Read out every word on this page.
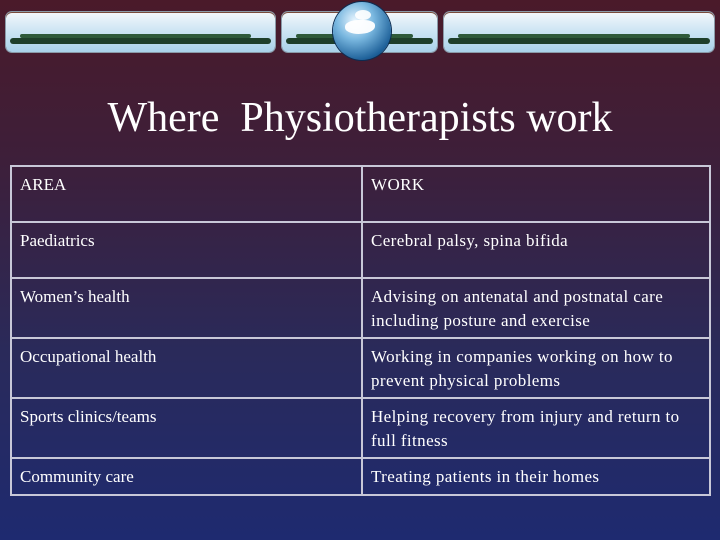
Where  Physiotherapists work
AREA	WORK
Paediatrics	Cerebral palsy, spina bifida
Women’s health	Advising on antenatal and postnatal care including posture and exercise
Occupational health	Working in companies working on how to prevent physical problems
Sports clinics/teams	Helping recovery from injury and return to full fitness
Community care	Treating patients in their homes
